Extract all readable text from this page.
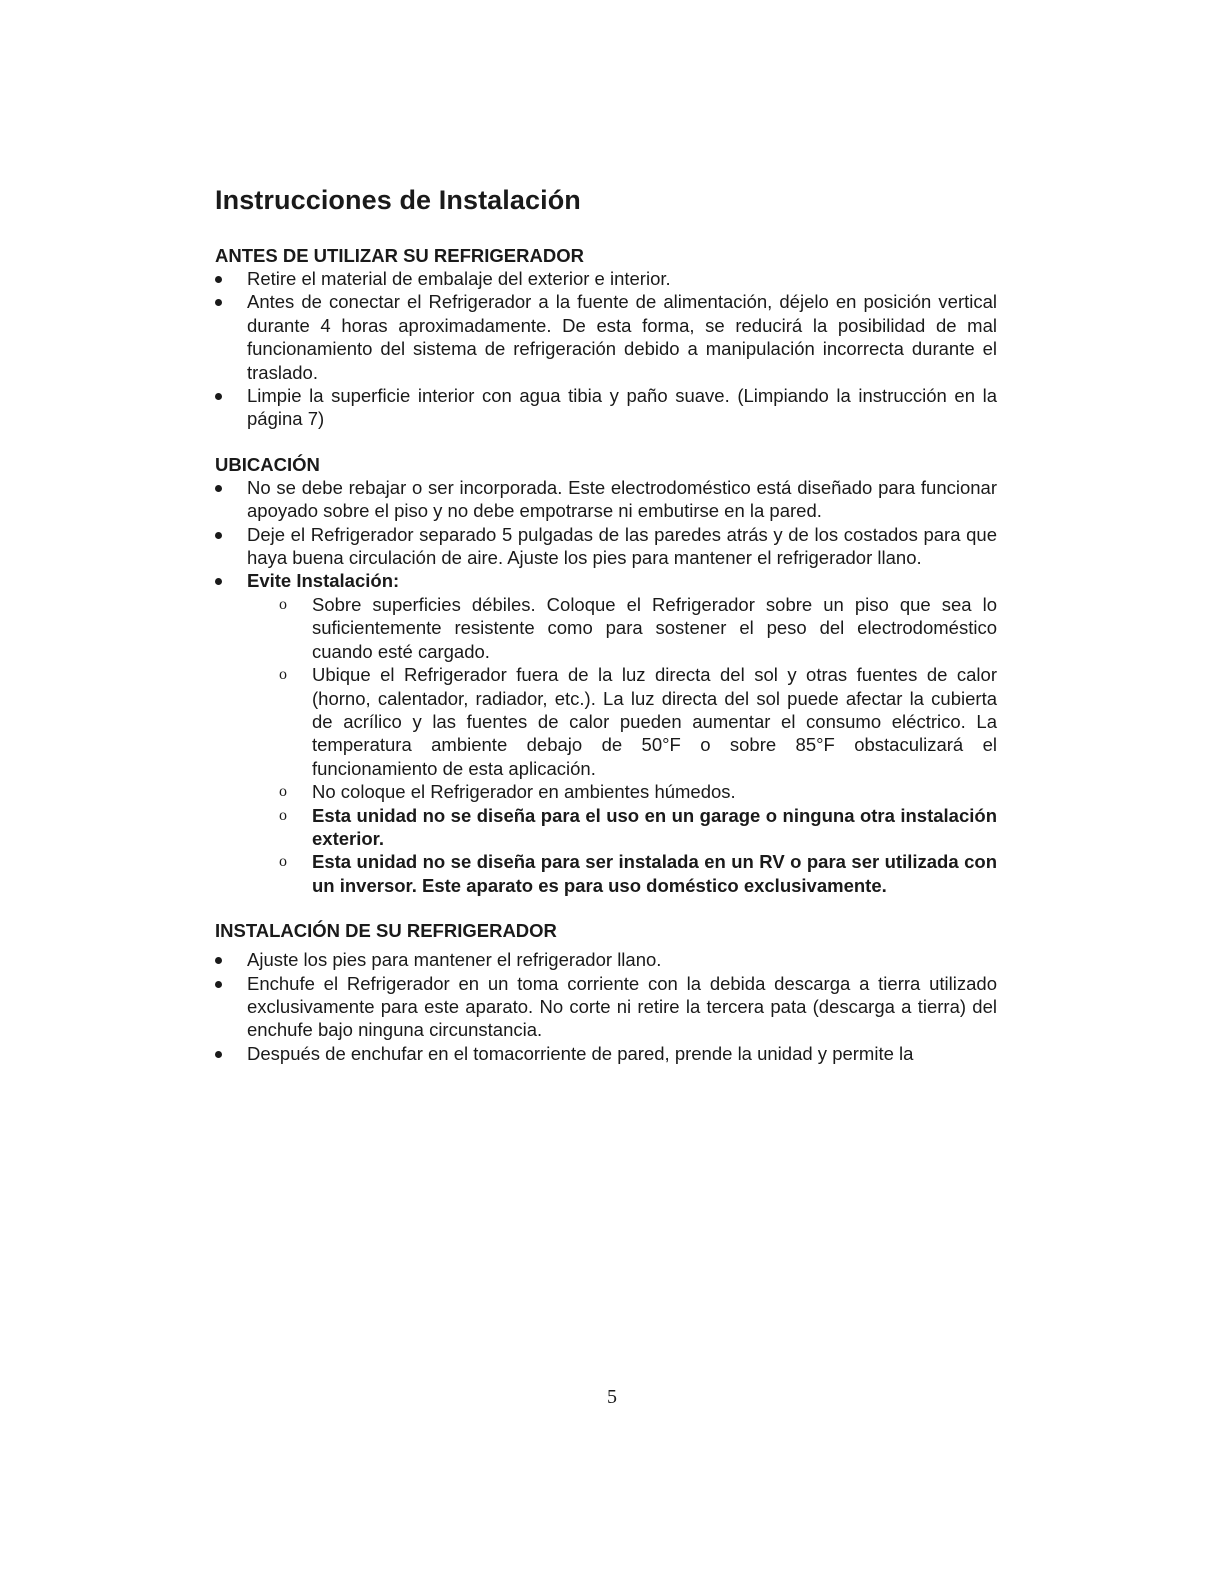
Instrucciones de Instalación
ANTES DE UTILIZAR SU REFRIGERADOR
Retire el material de embalaje del exterior e interior.
Antes de conectar el Refrigerador a la fuente de alimentación, déjelo en posición vertical durante 4 horas aproximadamente. De esta forma, se reducirá la posibilidad de mal funcionamiento del sistema de refrigeración debido a manipulación incorrecta durante el traslado.
Limpie la superficie interior con agua tibia y paño suave. (Limpiando la instrucción en la página 7)
UBICACIÓN
No se debe rebajar o ser incorporada. Este electrodoméstico está diseñado para funcionar apoyado sobre el piso y no debe empotrarse ni embutirse en la pared.
Deje el Refrigerador separado 5 pulgadas de las paredes atrás y de los costados para que haya buena circulación de aire. Ajuste los pies para mantener el refrigerador llano.
Evite Instalación:
o Sobre superficies débiles. Coloque el Refrigerador sobre un piso que sea lo suficientemente resistente como para sostener el peso del electrodoméstico cuando esté cargado.
o Ubique el Refrigerador fuera de la luz directa del sol y otras fuentes de calor (horno, calentador, radiador, etc.). La luz directa del sol puede afectar la cubierta de acrílico y las fuentes de calor pueden aumentar el consumo eléctrico. La temperatura ambiente debajo de 50°F o sobre 85°F obstaculizará el funcionamiento de esta aplicación.
o No coloque el Refrigerador en ambientes húmedos.
o Esta unidad no se diseña para el uso en un garage o ninguna otra instalación exterior.
o Esta unidad no se diseña para ser instalada en un RV o para ser utilizada con un inversor. Este aparato es para uso doméstico exclusivamente.
INSTALACIÓN DE SU REFRIGERADOR
Ajuste los pies para mantener el refrigerador llano.
Enchufe el Refrigerador en un toma corriente con la debida descarga a tierra utilizado exclusivamente para este aparato. No corte ni retire la tercera pata (descarga a tierra) del enchufe bajo ninguna circunstancia.
Después de enchufar en el tomacorriente de pared, prende la unidad y permite la
5
